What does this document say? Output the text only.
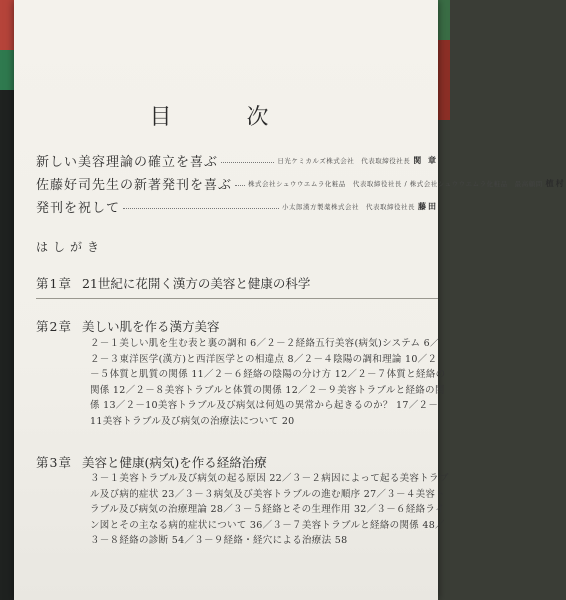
目 次
新しい美容理論の確立を喜ぶ	日光ケミカルズ株式会社　代表取締役社長 関 章
佐藤好司先生の新著発刊を喜ぶ 株式会社シュウウエムラ化粧品　代表取締役社長 / 株式会社シュウウエムラ化粧品　最高顧問 植村
発刊を祝して	小太郎漢方製薬株式会社　代表取締役社長 藤田
はしがき
第1章 21世紀に花開く漢方の美容と健康の科学
第2章 美しい肌を作る漢方美容
２－１美しい肌を生む表と裏の調和 6／２－２経絡五行美容(病気)システム 6／
２－３東洋医学(漢方)と西洋医学との相違点 8／２－４陰陽の調和理論 10／２
－５体質と肌質の関係 11／２－６経絡の陰陽の分け方 12／２－７体質と経絡の
関係 12／２－８美容トラブルと体質の関係 12／２－９美容トラブルと経絡の関
係 13／２－10美容トラブル及び病気は何処の異常から起きるのか？ 17／２－
11美容トラブル及び病気の治療法について 20
第3章 美容と健康(病気)を作る経絡治療
３－１美容トラブル及び病気の起る原因 22／３－２病因によって起る美容トラブ
ル及び病的症状 23／３－３病気及び美容トラブルの進む順序 27／３－４美容ト
ラブル及び病気の治療理論 28／３－５経絡とその生理作用 32／３－６経絡ライ
ン図とその主なる病的症状について 36／３－７美容トラブルと経絡の関係 48／
３－８経絡の診断 54／３－９経絡・経穴による治療法 58
